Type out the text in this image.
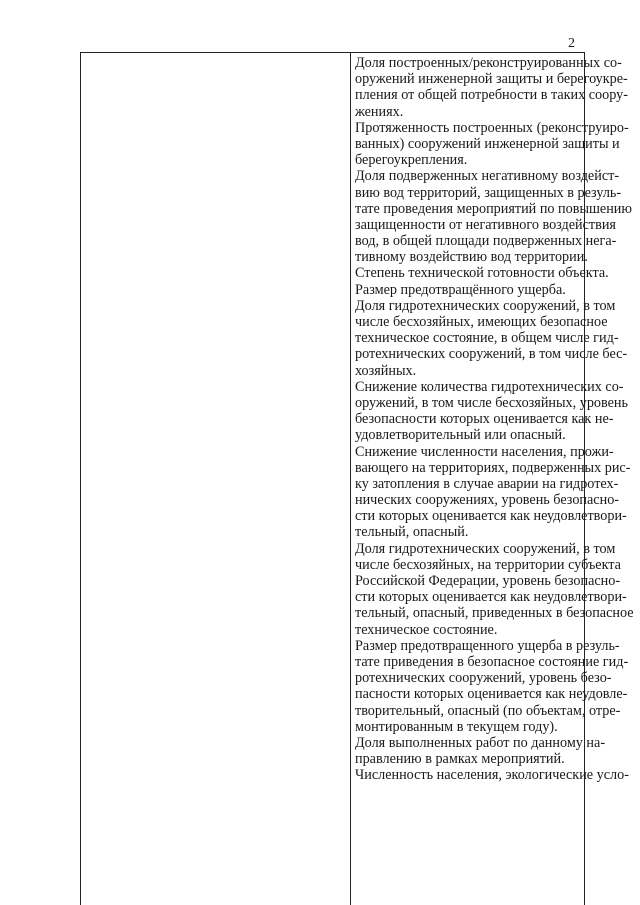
2
Доля построенных/реконструированных со-
оружений инженерной защиты и берегоукре-
пления от общей потребности в таких соору-
жениях.
Протяженность построенных (реконструиро-
ванных) сооружений инженерной защиты и
берегоукрепления.
Доля подверженных негативному воздейст-
вию вод территорий, защищенных в резуль-
тате проведения мероприятий по повышению
защищенности от негативного воздействия
вод, в общей площади подверженных нега-
тивному воздействию вод территории.
Степень технической готовности объекта.
Размер предотвращённого ущерба.
Доля гидротехнических сооружений, в том
числе бесхозяйных, имеющих безопасное
техническое состояние, в общем числе гид-
ротехнических сооружений, в том числе бес-
хозяйных.
Снижение количества гидротехнических со-
оружений, в том числе бесхозяйных, уровень
безопасности которых оценивается как не-
удовлетворительный или опасный.
Снижение численности населения, прожи-
вающего на территориях, подверженных рис-
ку затопления в случае аварии на гидротех-
нических сооружениях, уровень безопасно-
сти которых оценивается как неудовлетвори-
тельный, опасный.
Доля гидротехнических сооружений, в том
числе бесхозяйных, на территории субъекта
Российской Федерации, уровень безопасно-
сти которых оценивается как неудовлетвори-
тельный, опасный, приведенных в безопасное
техническое состояние.
Размер предотвращенного ущерба в резуль-
тате приведения в безопасное состояние гид-
ротехнических сооружений, уровень безо-
пасности которых оценивается как неудовле-
творительный, опасный (по объектам, отре-
монтированным в текущем году).
Доля выполненных работ по данному на-
правлению в рамках мероприятий.
Численность населения, экологические усло-
